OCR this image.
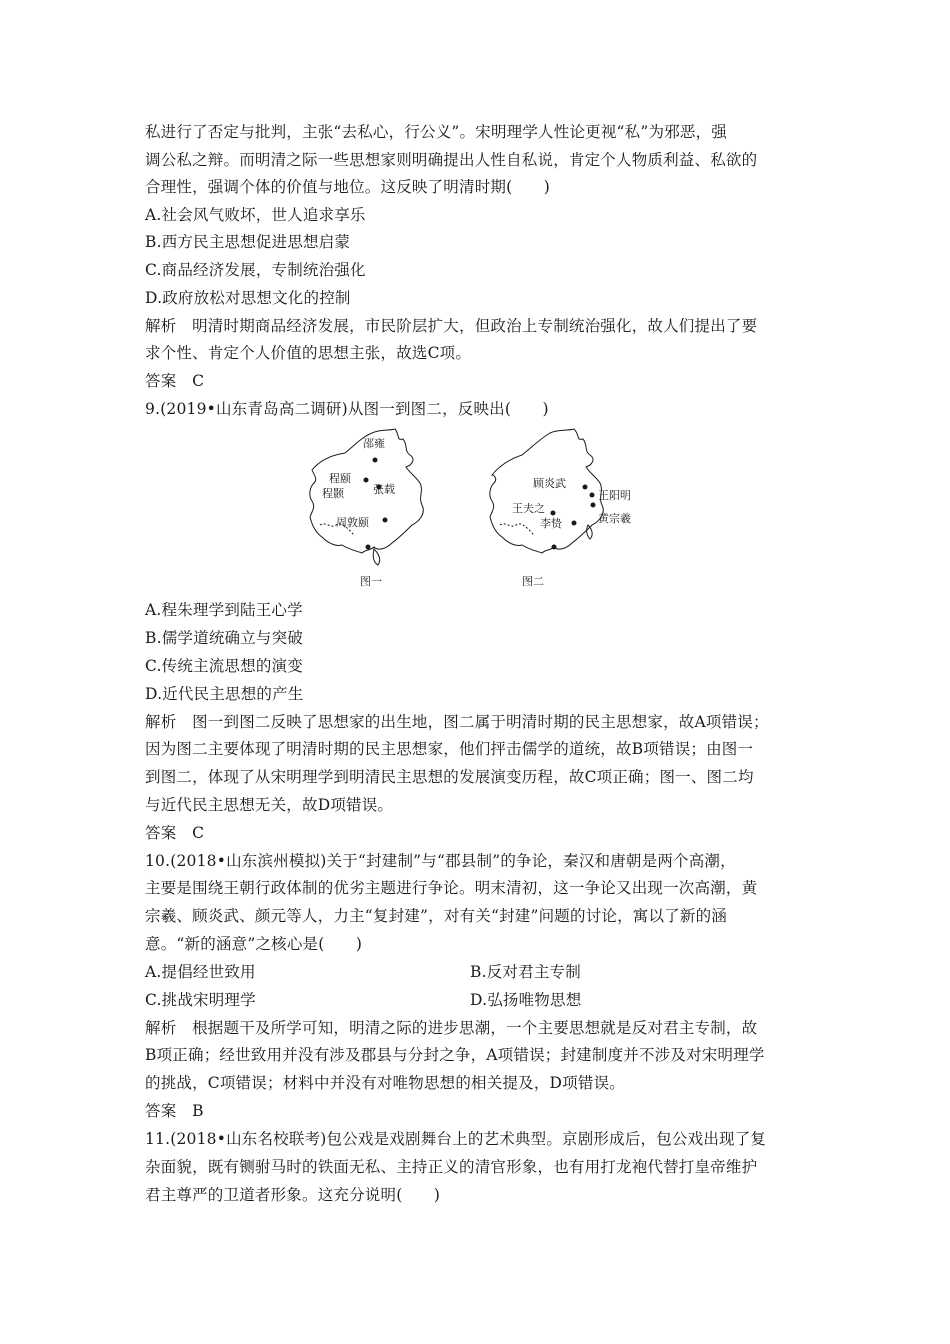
私进行了否定与批判，主张“去私心，行公义”。宋明理学人性论更视“私”为邪恶，强
调公私之辩。而明清之际一些思想家则明确提出人性自私说，肯定个人物质利益、私欲的
合理性，强调个体的价值与地位。这反映了明清时期(　　)
A.社会风气败坏，世人追求享乐
B.西方民主思想促进思想启蒙
C.商品经济发展，专制统治强化
D.政府放松对思想文化的控制
解析　明清时期商品经济发展，市民阶层扩大，但政治上专制统治强化，故人们提出了要
求个性、肯定个人价值的思想主张，故选C项。
答案　C
9.(2019•山东青岛高二调研)从图一到图二，反映出(　　)
邵雍
程颐
程颢	张载
周敦颐
图一
顾炎武
王阳明
王夫之
黄宗羲
李贽
图二
A.程朱理学到陆王心学
B.儒学道统确立与突破
C.传统主流思想的演变
D.近代民主思想的产生
解析　图一到图二反映了思想家的出生地，图二属于明清时期的民主思想家，故A项错误；
因为图二主要体现了明清时期的民主思想家，他们抨击儒学的道统，故B项错误；由图一
到图二，体现了从宋明理学到明清民主思想的发展演变历程，故C项正确；图一、图二均
与近代民主思想无关，故D项错误。
答案　C
10.(2018•山东滨州模拟)关于“封建制”与“郡县制”的争论，秦汉和唐朝是两个高潮，
主要是围绕王朝行政体制的优劣主题进行争论。明末清初，这一争论又出现一次高潮，黄
宗羲、顾炎武、颜元等人，力主“复封建”，对有关“封建”问题的讨论，寓以了新的涵
意。“新的涵意”之核心是(　　)
A.提倡经世致用	B.反对君主专制
C.挑战宋明理学	D.弘扬唯物思想
解析　根据题干及所学可知，明清之际的进步思潮，一个主要思想就是反对君主专制，故
B项正确；经世致用并没有涉及郡县与分封之争，A项错误；封建制度并不涉及对宋明理学
的挑战，C项错误；材料中并没有对唯物思想的相关提及，D项错误。
答案　B
11.(2018•山东名校联考)包公戏是戏剧舞台上的艺术典型。京剧形成后，包公戏出现了复
杂面貌，既有铡驸马时的铁面无私、主持正义的清官形象，也有用打龙袍代替打皇帝维护
君主尊严的卫道者形象。这充分说明(　　)
